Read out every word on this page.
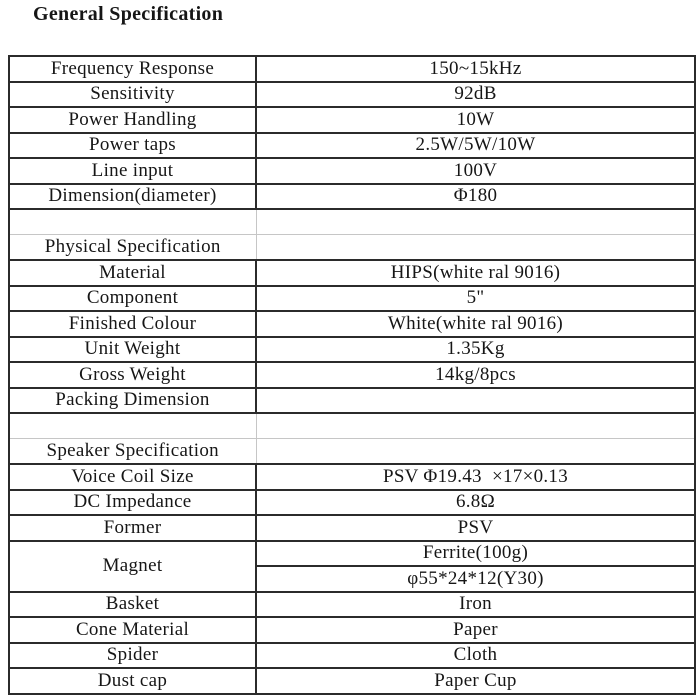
General Specification
Frequency Response	150~15kHz
Sensitivity	92dB
Power Handling	10W
Power taps	2.5W/5W/10W
Line input	100V
Dimension(diameter)	Φ180

Physical Specification	
Material	HIPS(white ral 9016)
Component	5"
Finished Colour	White(white ral 9016)
Unit Weight	1.35Kg
Gross Weight	14kg/8pcs
Packing Dimension	

Speaker Specification	
Voice Coil Size	PSV Φ19.43  ×17×0.13
DC Impedance	6.8Ω
Former	PSV
Magnet	Ferrite(100g)
	φ55*24*12(Y30)
Basket	Iron
Cone Material	Paper
Spider	Cloth
Dust cap	Paper Cup
